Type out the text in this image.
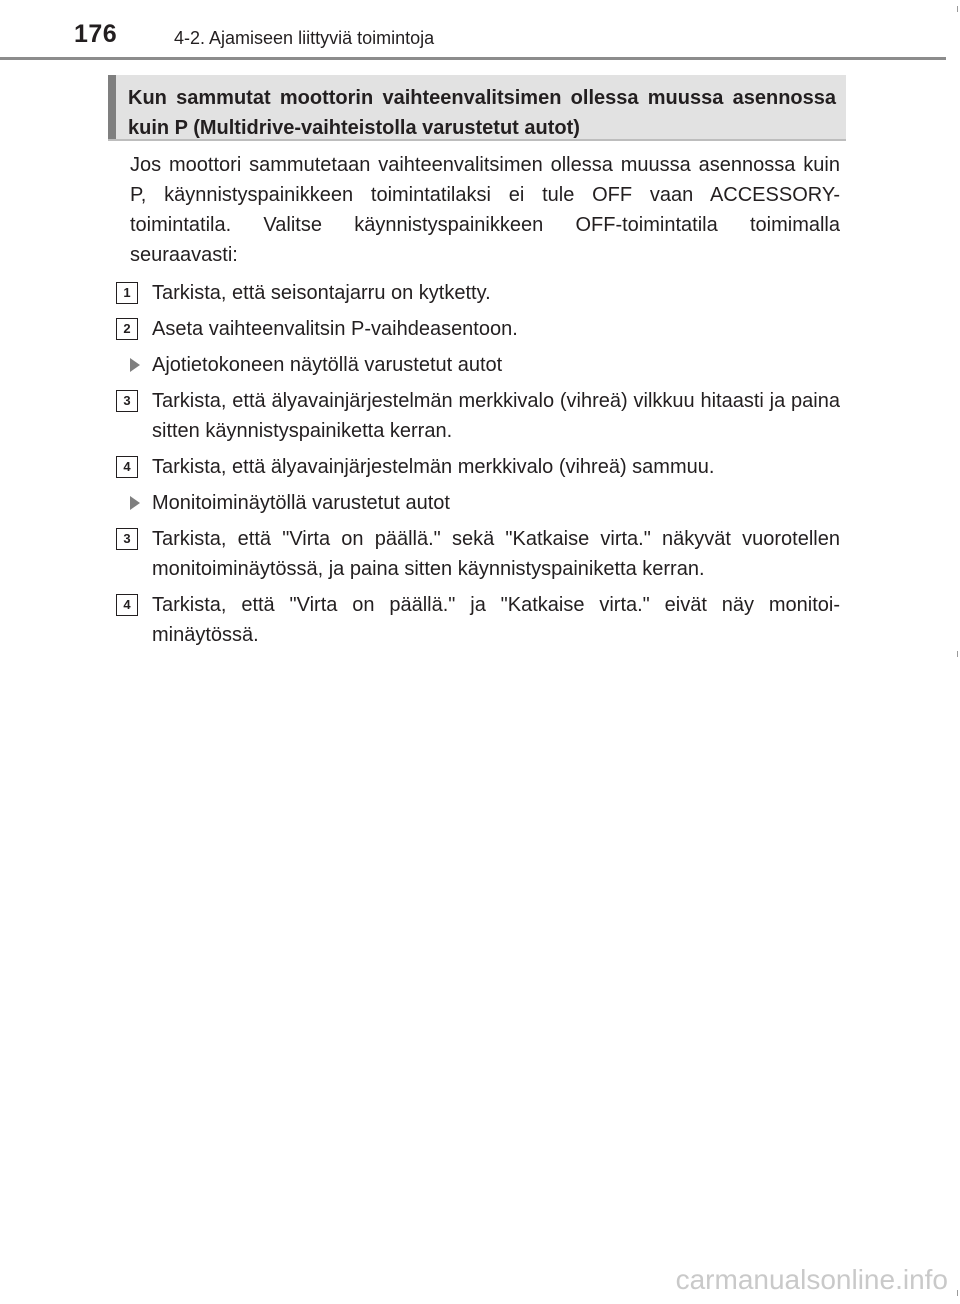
176	4-2. Ajamiseen liittyviä toimintoja
Kun sammutat moottorin vaihteenvalitsimen ollessa muussa asennossa kuin P (Multidrive-vaihteistolla varustetut autot)

Jos moottori sammutetaan vaihteenvalitsimen ollessa muussa asennossa kuin P, käynnistyspainikkeen toimintatilaksi ei tule OFF vaan ACCESSORY-toimintatila. Valitse käynnistyspainikkeen OFF-toimintatila toimimalla seuraavasti:

1	Tarkista, että seisontajarru on kytketty.
2	Aseta vaihteenvalitsin P-vaihdeasentoon.
Ajotietokoneen näytöllä varustetut autot
3	Tarkista, että älyavainjärjestelmän merkkivalo (vihreä) vilkkuu hitaasti ja paina sitten käynnistyspainiketta kerran.
4	Tarkista, että älyavainjärjestelmän merkkivalo (vihreä) sammuu.
Monitoiminäytöllä varustetut autot
3	Tarkista, että "Virta on päällä." sekä "Katkaise virta." näkyvät vuorotellen monitoiminäytössä, ja paina sitten käynnistyspainiketta kerran.
4	Tarkista, että "Virta on päällä." ja "Katkaise virta." eivät näy monitoiminäytössä.
carmanualsonline.info
